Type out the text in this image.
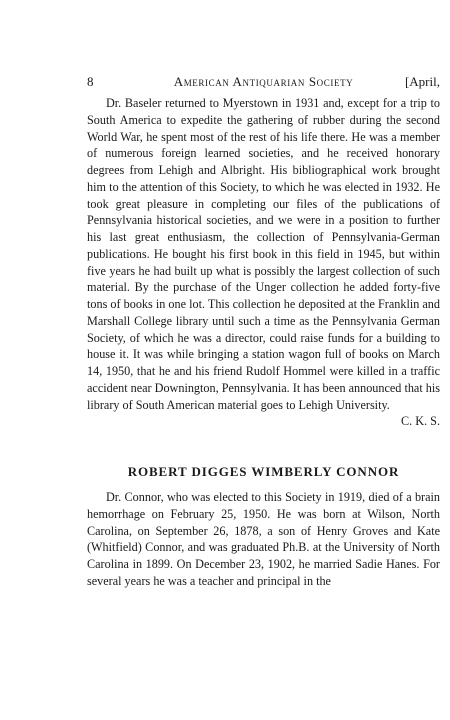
8	American Antiquarian Society	[April,

Dr. Baseler returned to Myerstown in 1931 and, except for a trip to South America to expedite the gathering of rubber during the second World War, he spent most of the rest of his life there. He was a member of numerous foreign learned societies, and he received honorary degrees from Lehigh and Albright. His bibliographical work brought him to the attention of this Society, to which he was elected in 1932. He took great pleasure in completing our files of the publications of Pennsylvania historical societies, and we were in a position to further his last great enthusiasm, the collection of Pennsylvania-German publications. He bought his first book in this field in 1945, but within five years he had built up what is possibly the largest collection of such material. By the purchase of the Unger collection he added forty-five tons of books in one lot. This collection he deposited at the Franklin and Marshall College library until such a time as the Pennsylvania German Society, of which he was a director, could raise funds for a building to house it. It was while bringing a station wagon full of books on March 14, 1950, that he and his friend Rudolf Hommel were killed in a traffic accident near Downington, Pennsylvania. It has been announced that his library of South American material goes to Lehigh University.
C. K. S.

ROBERT DIGGES WIMBERLY CONNOR

Dr. Connor, who was elected to this Society in 1919, died of a brain hemorrhage on February 25, 1950. He was born at Wilson, North Carolina, on September 26, 1878, a son of Henry Groves and Kate (Whitfield) Connor, and was graduated Ph.B. at the University of North Carolina in 1899. On December 23, 1902, he married Sadie Hanes. For several years he was a teacher and principal in the
